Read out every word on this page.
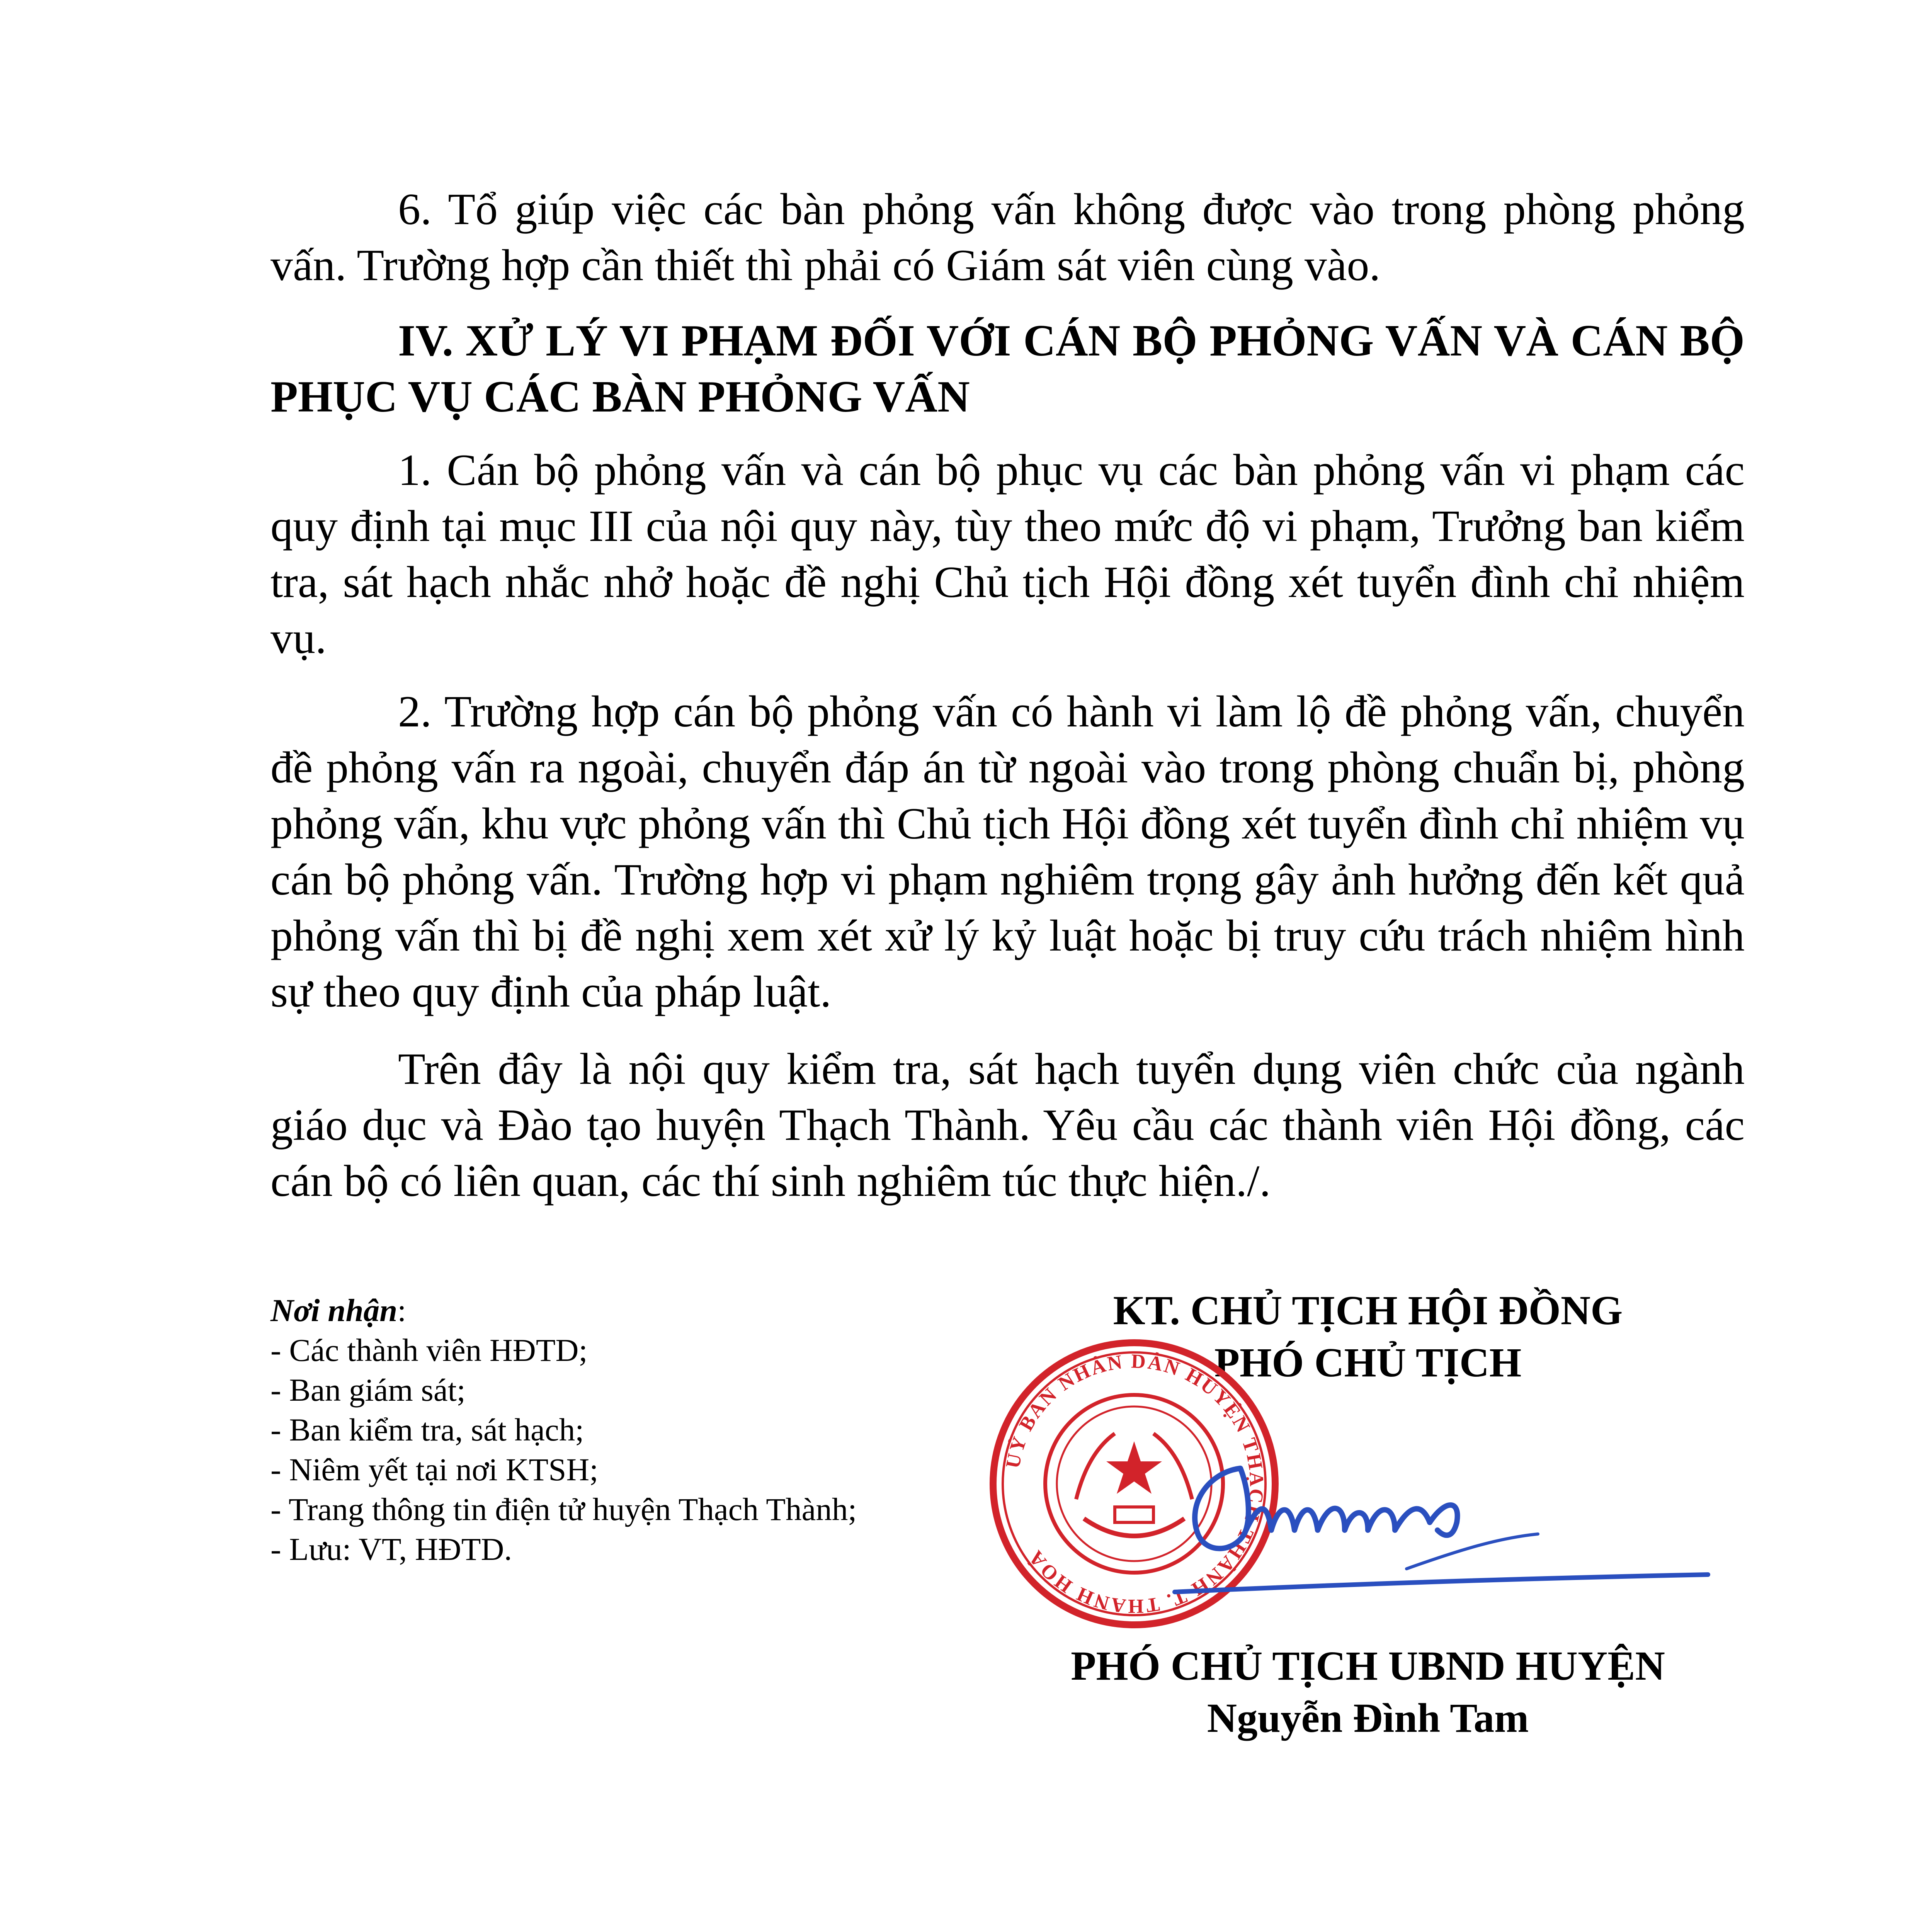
6. Tổ giúp việc các bàn phỏng vấn không được vào trong phòng phỏng vấn. Trường hợp cần thiết thì phải có Giám sát viên cùng vào.

IV. XỬ LÝ VI PHẠM ĐỐI VỚI CÁN BỘ PHỎNG VẤN VÀ CÁN BỘ PHỤC VỤ CÁC BÀN PHỎNG VẤN

1. Cán bộ phỏng vấn và cán bộ phục vụ các bàn phỏng vấn vi phạm các quy định tại mục III của nội quy này, tùy theo mức độ vi phạm, Trưởng ban kiểm tra, sát hạch nhắc nhở hoặc đề nghị Chủ tịch Hội đồng xét tuyển đình chỉ nhiệm vụ.

2. Trường hợp cán bộ phỏng vấn có hành vi làm lộ đề phỏng vấn, chuyển đề phỏng vấn ra ngoài, chuyển đáp án từ ngoài vào trong phòng chuẩn bị, phòng phỏng vấn, khu vực phỏng vấn thì Chủ tịch Hội đồng xét tuyển đình chỉ nhiệm vụ cán bộ phỏng vấn. Trường hợp vi phạm nghiêm trọng gây ảnh hưởng đến kết quả phỏng vấn thì bị đề nghị xem xét xử lý kỷ luật hoặc bị truy cứu trách nhiệm hình sự theo quy định của pháp luật.

Trên đây là nội quy kiểm tra, sát hạch tuyển dụng viên chức của ngành giáo dục và Đào tạo huyện Thạch Thành. Yêu cầu các thành viên Hội đồng, các cán bộ có liên quan, các thí sinh nghiêm túc thực hiện./.

Nơi nhận:
- Các thành viên HĐTD;
- Ban giám sát;
- Ban kiểm tra, sát hạch;
- Niêm yết tại nơi KTSH;
- Trang thông tin điện tử huyện Thạch Thành;
- Lưu: VT, HĐTD.
KT. CHỦ TỊCH HỘI ĐỒNG
PHÓ CHỦ TỊCH
UỶ BAN NHÂN DÂN HUYỆN THẠCH THÀNH T. THANH HOÁ
PHÓ CHỦ TỊCH UBND HUYỆN
Nguyễn Đình Tam
